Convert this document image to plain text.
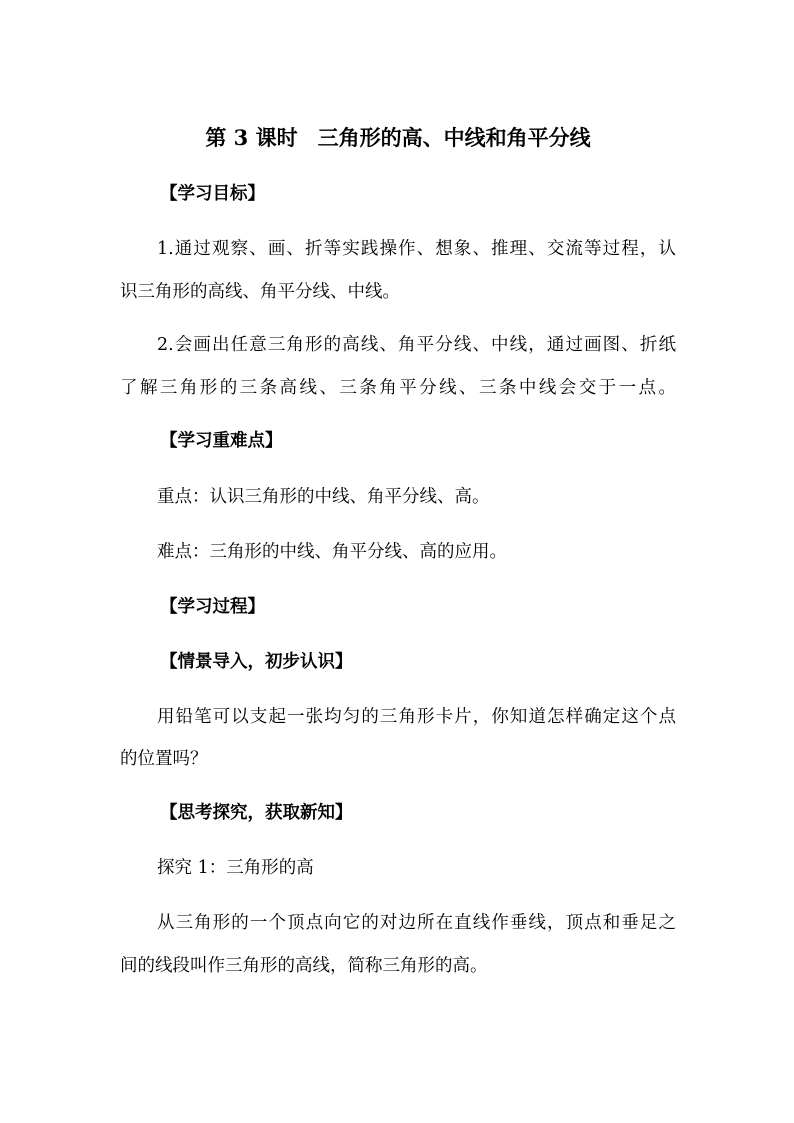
第 3 课时 三角形的高、中线和角平分线
【学习目标】
1.通过观察、画、折等实践操作、想象、推理、交流等过程，认
识三角形的高线、角平分线、中线。
2.会画出任意三角形的高线、角平分线、中线，通过画图、折纸
了解三角形的三条高线、三条角平分线、三条中线会交于一点。
【学习重难点】
重点：认识三角形的中线、角平分线、高。
难点：三角形的中线、角平分线、高的应用。
【学习过程】
【情景导入，初步认识】
用铅笔可以支起一张均匀的三角形卡片，你知道怎样确定这个点
的位置吗？
【思考探究，获取新知】
探究 1：三角形的高
从三角形的一个顶点向它的对边所在直线作垂线，顶点和垂足之
间的线段叫作三角形的高线，简称三角形的高。
